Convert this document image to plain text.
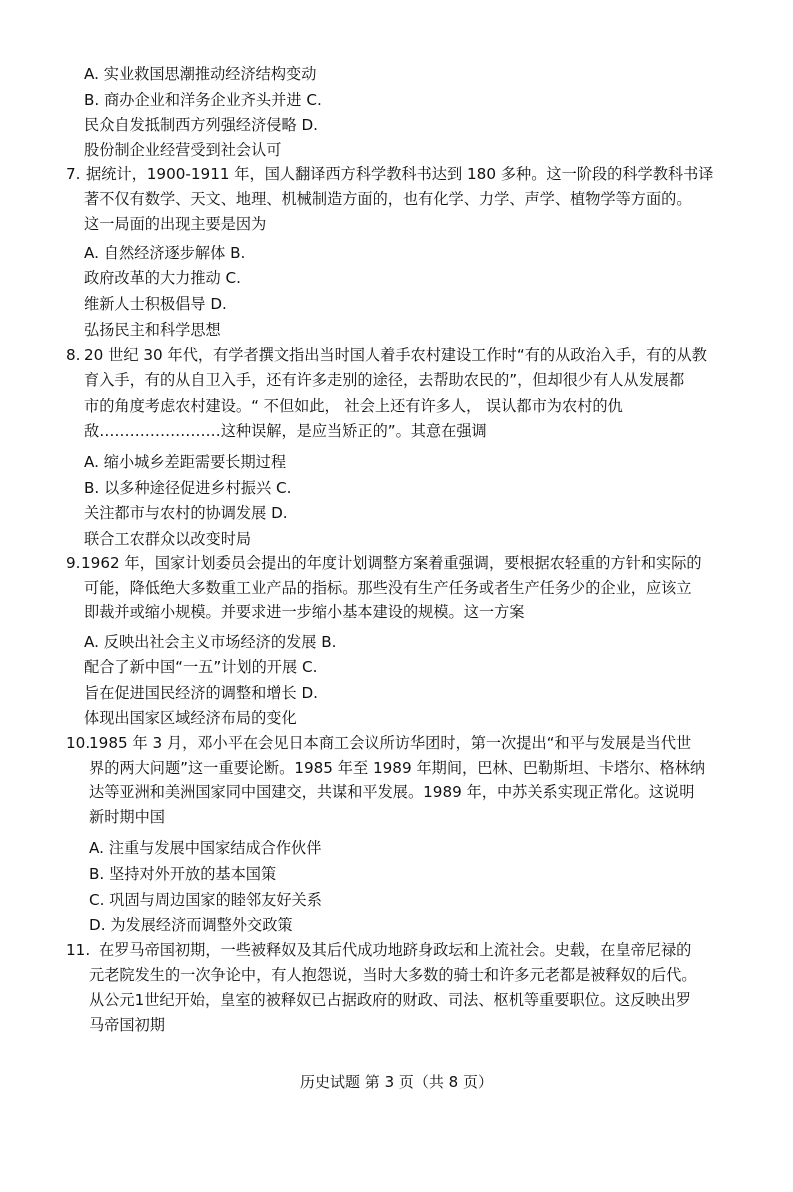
A. 实业救国思潮推动经济结构变动
B. 商办企业和洋务企业齐头并进 C.
民众自发抵制西方列强经济侵略 D.
股份制企业经营受到社会认可
7. 据统计，1900-1911 年，国人翻译西方科学教科书达到 180 多种。这一阶段的科学教科书译
著不仅有数学、天文、地理、机械制造方面的，也有化学、力学、声学、植物学等方面的。
这一局面的出现主要是因为
A. 自然经济逐步解体 B.
政府改革的大力推动 C.
维新人士积极倡导 D.
弘扬民主和科学思想
8. 20 世纪 30 年代，有学者撰文指出当时国人着手农村建设工作时“有的从政治入手，有的从教
育入手，有的从自卫入手，还有许多走别的途径，去帮助农民的”，但却很少有人从发展都
市的角度考虑农村建设。“ 不但如此， 社会上还有许多人， 误认都市为农村的仇
敌……………………这种误解，是应当矫正的”。其意在强调
A. 缩小城乡差距需要长期过程
B. 以多种途径促进乡村振兴 C.
关注都市与农村的协调发展 D.
联合工农群众以改变时局
9. 1962 年，国家计划委员会提出的年度计划调整方案着重强调，要根据农轻重的方针和实际的
可能，降低绝大多数重工业产品的指标。那些没有生产任务或者生产任务少的企业，应该立
即裁并或缩小规模。并要求进一步缩小基本建设的规模。这一方案
A. 反映出社会主义市场经济的发展 B.
配合了新中国“一五”计划的开展 C.
旨在促进国民经济的调整和增长 D.
体现出国家区域经济布局的变化
10.
1985 年 3 月，邓小平在会见日本商工会议所访华团时，第一次提出“和平与发展是当代世
界的两大问题”这一重要论断。1985 年至 1989 年期间，巴林、巴勒斯坦、卡塔尔、格林纳
达等亚洲和美洲国家同中国建交，共谋和平发展。1989 年，中苏关系实现正常化。这说明
新时期中国
A. 注重与发展中国家结成合作伙伴
B. 坚持对外开放的基本国策
C. 巩固与周边国家的睦邻友好关系
D. 为发展经济而调整外交政策
11. 在罗马帝国初期，一些被释奴及其后代成功地跻身政坛和上流社会。史载，在皇帝尼禄的
元老院发生的一次争论中，有人抱怨说，当时大多数的骑士和许多元老都是被释奴的后代。
从公元1世纪开始，皇室的被释奴已占据政府的财政、司法、枢机等重要职位。这反映出罗
马帝国初期
历史试题 第 3 页（共 8 页）
